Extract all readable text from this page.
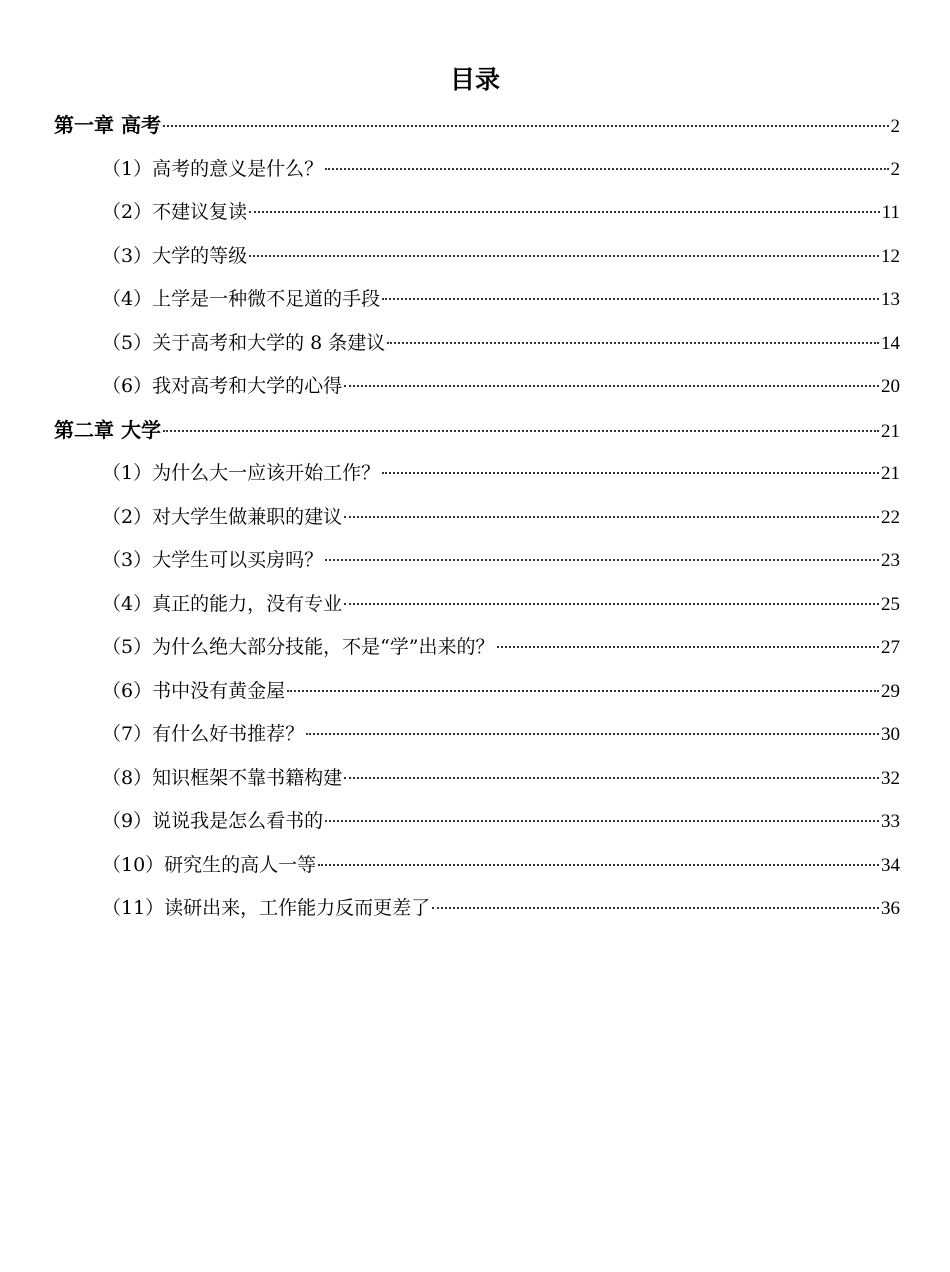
目录
第一章 高考	2
（1）高考的意义是什么？	2
（2）不建议复读	11
（3）大学的等级	12
（4）上学是一种微不足道的手段	13
（5）关于高考和大学的 8 条建议	14
（6）我对高考和大学的心得	20
第二章 大学	21
（1）为什么大一应该开始工作？	21
（2）对大学生做兼职的建议	22
（3）大学生可以买房吗？	23
（4）真正的能力，没有专业	25
（5）为什么绝大部分技能，不是“学”出来的？	27
（6）书中没有黄金屋	29
（7）有什么好书推荐？	30
（8）知识框架不靠书籍构建	32
（9）说说我是怎么看书的	33
（10）研究生的高人一等	34
（11）读研出来，工作能力反而更差了	36
